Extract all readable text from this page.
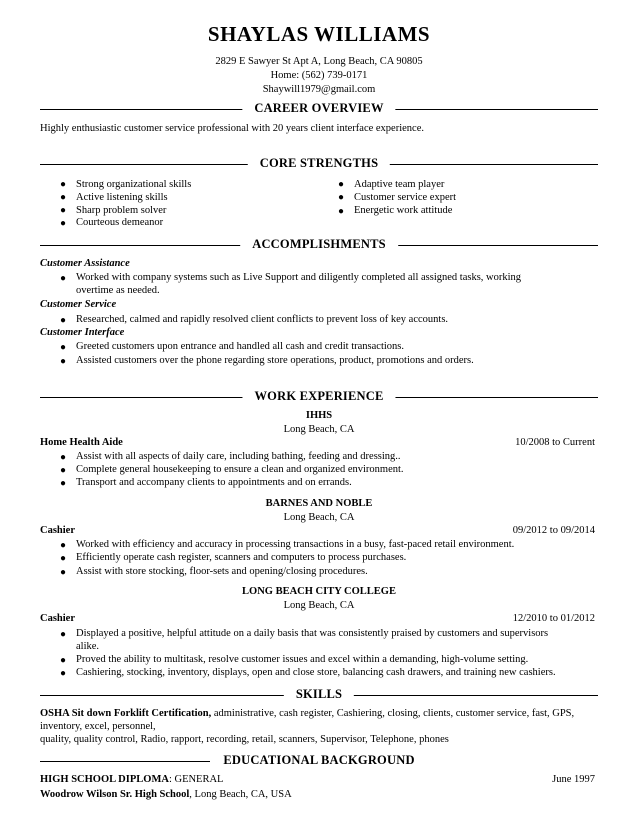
SHAYLAS WILLIAMS
2829 E Sawyer St Apt A, Long Beach, CA 90805
Home: (562) 739-0171
Shaywill1979@gmail.com
CAREER OVERVIEW
Highly enthusiastic customer service professional with 20 years client interface experience.
CORE STRENGTHS
● Strong organizational skills
● Active listening skills
● Sharp problem solver
● Courteous demeanor
● Adaptive team player
● Customer service expert
● Energetic work attitude
ACCOMPLISHMENTS
Customer Assistance
● Worked with company systems such as Live Support and diligently completed all assigned tasks, working
overtime as needed.
Customer Service
● Researched, calmed and rapidly resolved client conflicts to prevent loss of key accounts.
Customer Interface
● Greeted customers upon entrance and handled all cash and credit transactions.
● Assisted customers over the phone regarding store operations, product, promotions and orders.
WORK EXPERIENCE
IHHS
Long Beach, CA
Home Health Aide	10/2008 to Current
● Assist with all aspects of daily care, including bathing, feeding and dressing..
● Complete general housekeeping to ensure a clean and organized environment.
● Transport and accompany clients to appointments and on errands.
BARNES AND NOBLE
Long Beach, CA
Cashier	09/2012 to 09/2014
● Worked with efficiency and accuracy in processing transactions in a busy, fast-paced retail environment.
● Efficiently operate cash register, scanners and computers to process purchases.
● Assist with store stocking, floor-sets and opening/closing procedures.
LONG BEACH CITY COLLEGE
Long Beach, CA
Cashier	12/2010 to 01/2012
● Displayed a positive, helpful attitude on a daily basis that was consistently praised by customers and supervisors
alike.
● Proved the ability to multitask, resolve customer issues and excel within a demanding, high-volume setting.
● Cashiering, stocking, inventory, displays, open and close store, balancing cash drawers, and training new cashiers.
SKILLS
OSHA Sit down Forklift Certification, administrative, cash register, Cashiering, closing, clients, customer service, fast, GPS,
inventory, excel, personnel,
quality, quality control, Radio, rapport, recording, retail, scanners, Supervisor, Telephone, phones
EDUCATIONAL BACKGROUND
HIGH SCHOOL DIPLOMA: GENERAL	June 1997
Woodrow Wilson Sr. High School, Long Beach, CA, USA
